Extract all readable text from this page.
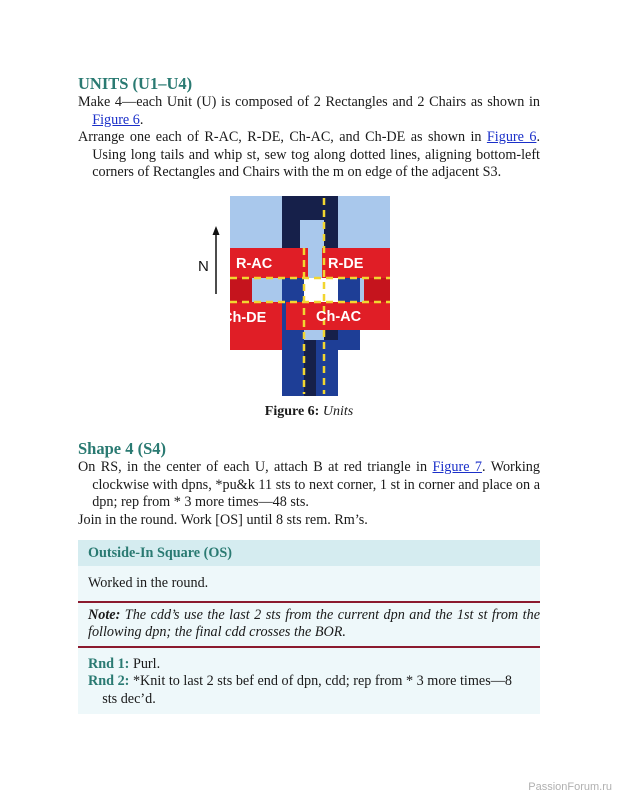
UNITS (U1–U4)

Make 4—each Unit (U) is composed of 2 Rectangles and 2 Chairs as shown in Figure 6.

Arrange one each of R-AC, R-DE, Ch-AC, and Ch-DE as shown in Figure 6. Using long tails and whip st, sew tog along dotted lines, aligning bottom-left corners of Rectangles and Chairs with the m on edge of the adjacent S3.

N R-AC	R-DE
Ch-DE	Ch-AC
Figure 6: Units
Shape 4 (S4)

On RS, in the center of each U, attach B at red triangle in Figure 7. Working clockwise with dpns, *pu&k 11 sts to next corner, 1 st in corner and place on a dpn; rep from * 3 more times—48 sts.

Join in the round. Work [OS] until 8 sts rem. Rm’s.

Outside-In Square (OS)
Worked in the round.

Note: The cdd’s use the last 2 sts from the current dpn and the 1st st from the following dpn; the final cdd crosses the BOR.

Rnd 1: Purl.

Rnd 2: *Knit to last 2 sts bef end of dpn, cdd; rep from * 3 more times—8 sts dec’d.

PassionForum.ru
